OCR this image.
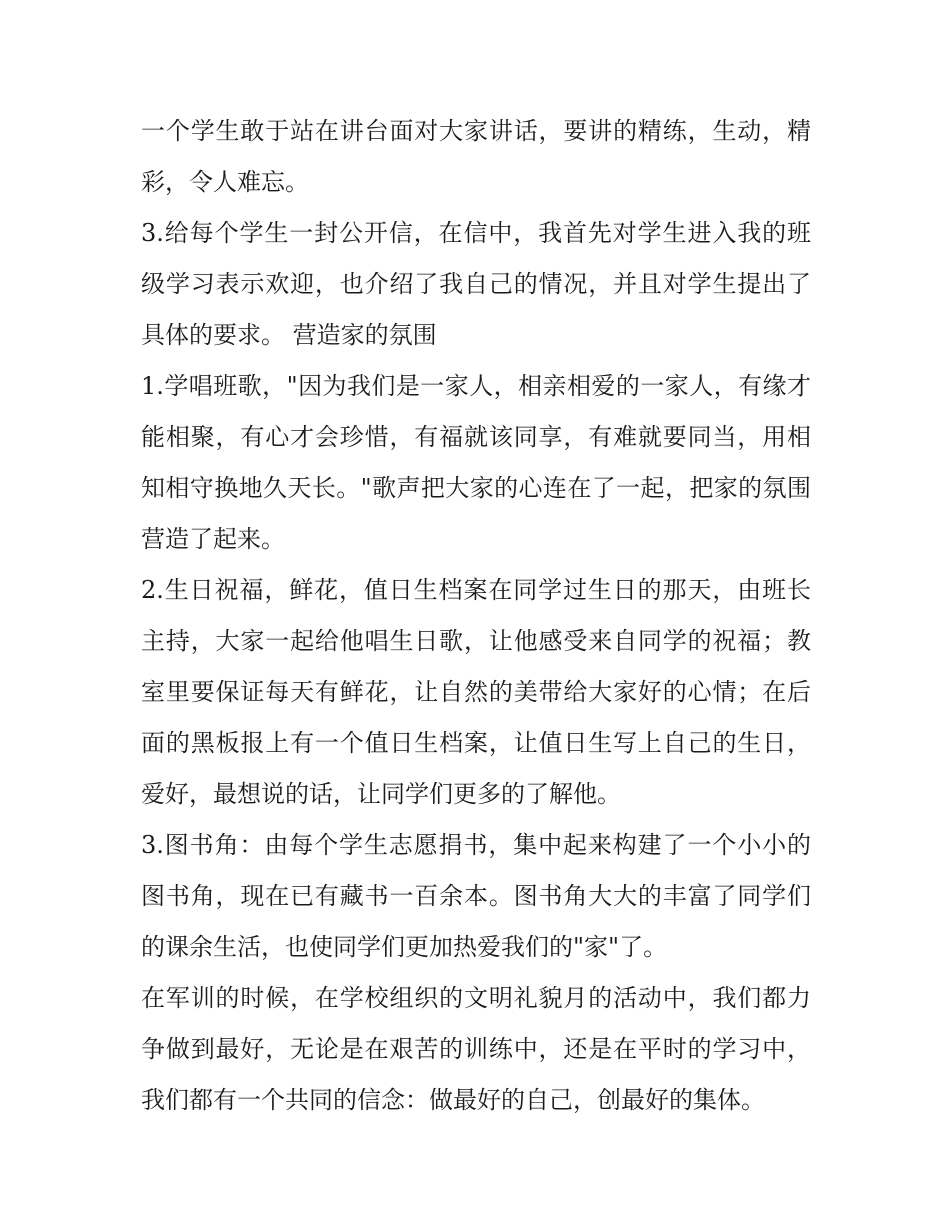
一个学生敢于站在讲台面对大家讲话，要讲的精练，生动，精彩，令人难忘。

3.给每个学生一封公开信，在信中，我首先对学生进入我的班级学习表示欢迎，也介绍了我自己的情况，并且对学生提出了具体的要求。 营造家的氛围

1.学唱班歌，"因为我们是一家人，相亲相爱的一家人，有缘才能相聚，有心才会珍惜，有福就该同享，有难就要同当，用相知相守换地久天长。"歌声把大家的心连在了一起，把家的氛围营造了起来。

2.生日祝福，鲜花，值日生档案在同学过生日的那天，由班长主持，大家一起给他唱生日歌，让他感受来自同学的祝福；教室里要保证每天有鲜花，让自然的美带给大家好的心情；在后面的黑板报上有一个值日生档案，让值日生写上自己的生日，爱好，最想说的话，让同学们更多的了解他。

3.图书角：由每个学生志愿捐书，集中起来构建了一个小小的图书角，现在已有藏书一百余本。图书角大大的丰富了同学们的课余生活，也使同学们更加热爱我们的"家"了。

在军训的时候，在学校组织的文明礼貌月的活动中，我们都力争做到最好，无论是在艰苦的训练中，还是在平时的学习中，我们都有一个共同的信念：做最好的自己，创最好的集体。
